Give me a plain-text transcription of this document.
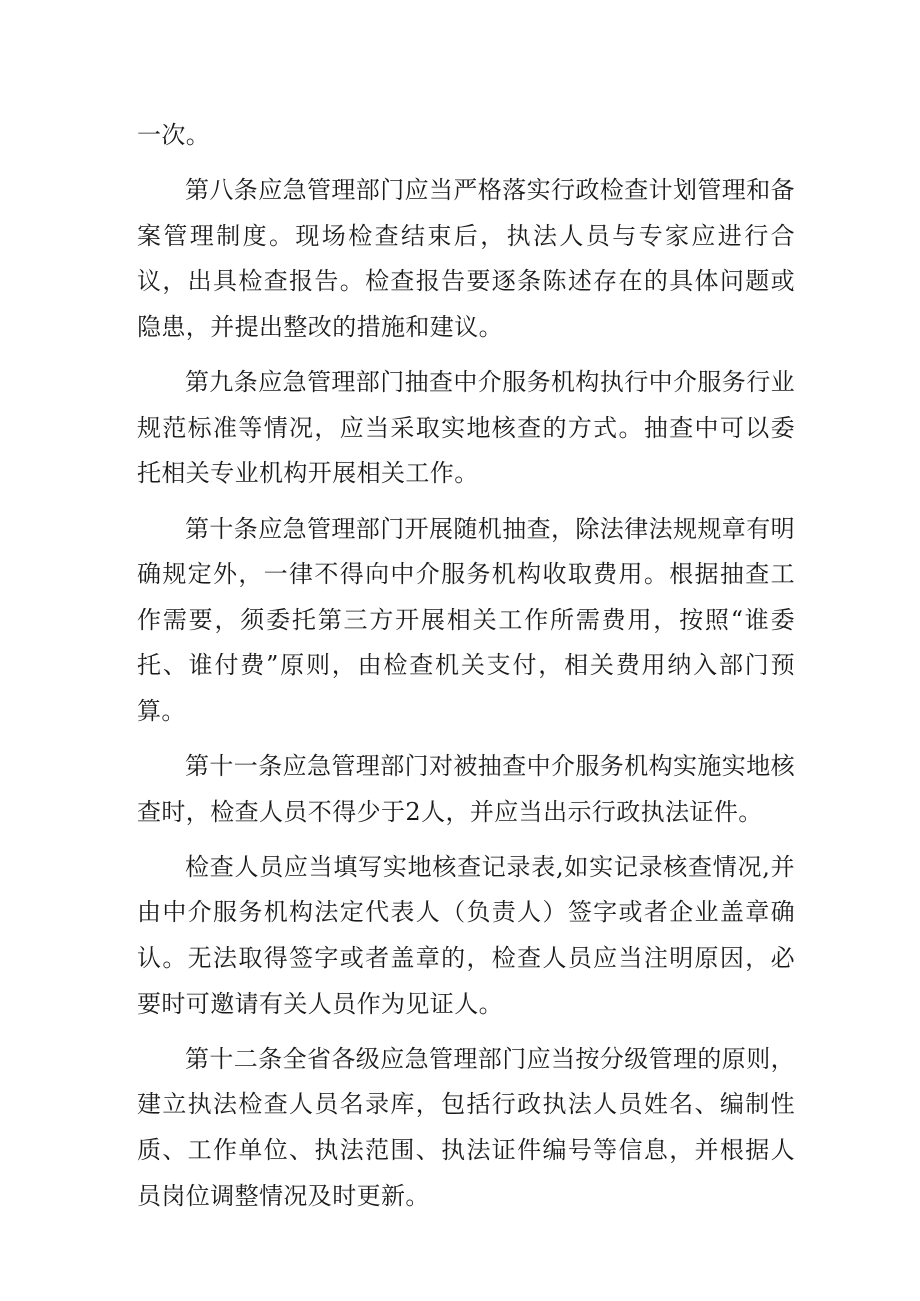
一次。

第八条应急管理部门应当严格落实行政检查计划管理和备案管理制度。现场检查结束后，执法人员与专家应进行合议，出具检查报告。检查报告要逐条陈述存在的具体问题或隐患，并提出整改的措施和建议。

第九条应急管理部门抽查中介服务机构执行中介服务行业规范标准等情况，应当采取实地核查的方式。抽查中可以委托相关专业机构开展相关工作。

第十条应急管理部门开展随机抽查，除法律法规规章有明确规定外，一律不得向中介服务机构收取费用。根据抽查工作需要，须委托第三方开展相关工作所需费用，按照“谁委托、谁付费”原则，由检查机关支付，相关费用纳入部门预算。

第十一条应急管理部门对被抽查中介服务机构实施实地核查时，检查人员不得少于2人，并应当出示行政执法证件。

检查人员应当填写实地核查记录表,如实记录核查情况,并由中介服务机构法定代表人（负责人）签字或者企业盖章确认。无法取得签字或者盖章的，检查人员应当注明原因，必要时可邀请有关人员作为见证人。

第十二条全省各级应急管理部门应当按分级管理的原则，建立执法检查人员名录库，包括行政执法人员姓名、编制性质、工作单位、执法范围、执法证件编号等信息，并根据人员岗位调整情况及时更新。
